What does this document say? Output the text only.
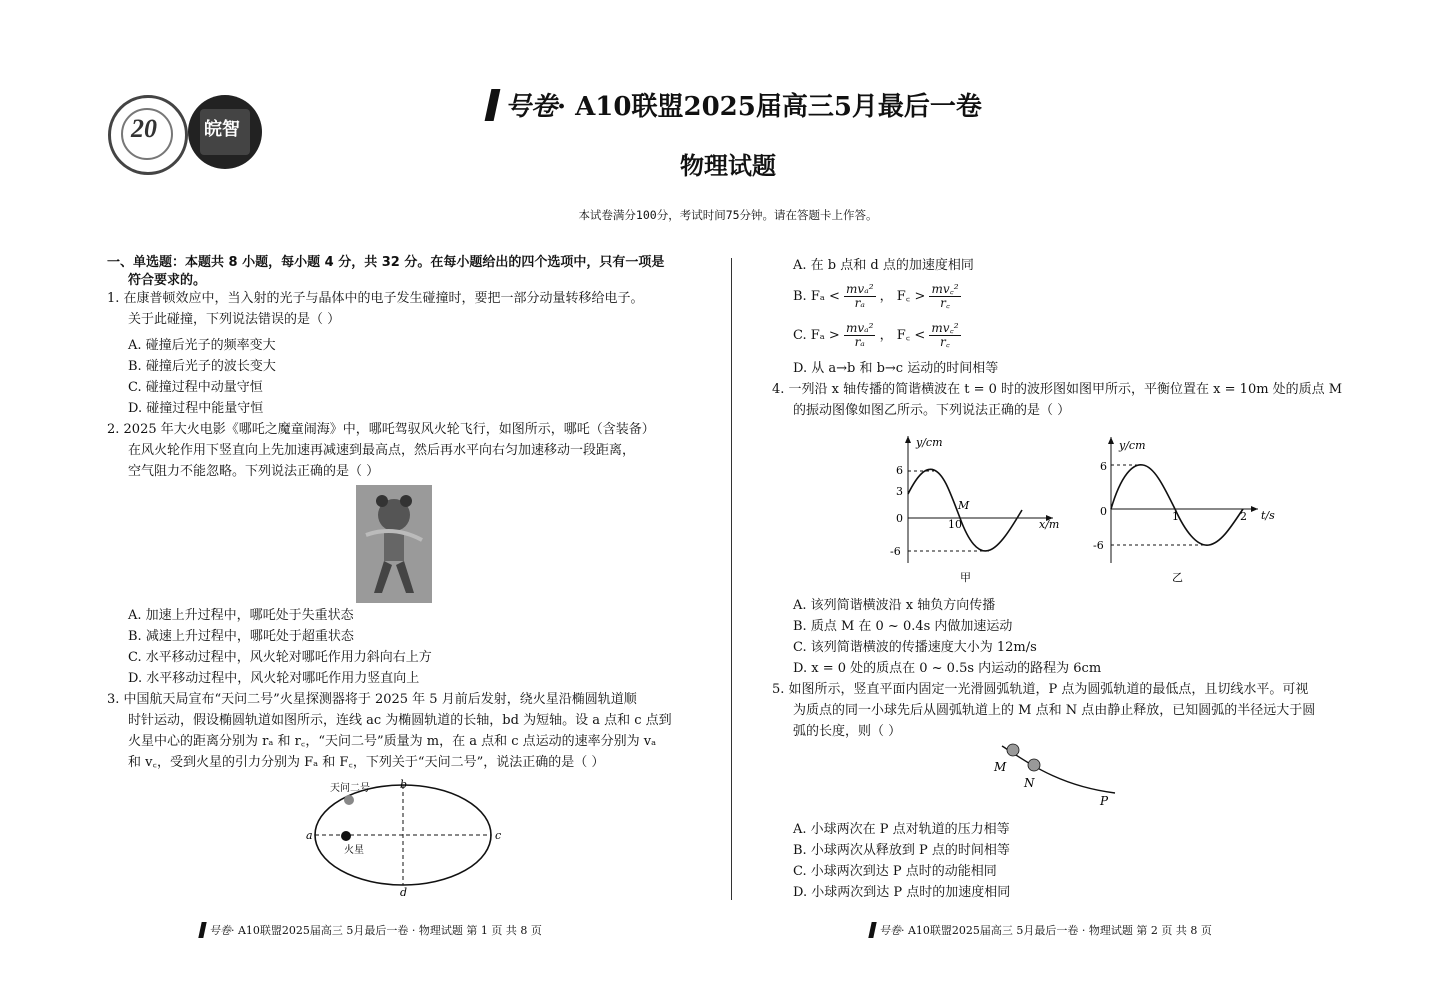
20	皖智
号卷· A10联盟2025届高三5月最后一卷
物理试题
本试卷满分100分，考试时间75分钟。请在答题卡上作答。
一、单选题：本题共 8 小题，每小题 4 分，共 32 分。在每小题给出的四个选项中，只有一项是
符合要求的。
1. 在康普顿效应中，当入射的光子与晶体中的电子发生碰撞时，要把一部分动量转移给电子。
关于此碰撞，下列说法错误的是（ ）
A. 碰撞后光子的频率变大
B. 碰撞后光子的波长变大
C. 碰撞过程中动量守恒
D. 碰撞过程中能量守恒
2. 2025 年大火电影《哪吒之魔童闹海》中，哪吒驾驭风火轮飞行，如图所示，哪吒（含装备）
在风火轮作用下竖直向上先加速再减速到最高点，然后再水平向右匀加速移动一段距离，
空气阻力不能忽略。下列说法正确的是（ ）
A. 加速上升过程中，哪吒处于失重状态
B. 减速上升过程中，哪吒处于超重状态
C. 水平移动过程中，风火轮对哪吒作用力斜向右上方
D. 水平移动过程中，风火轮对哪吒作用力竖直向上
3. 中国航天局宣布“天问二号”火星探测器将于 2025 年 5 月前后发射，绕火星沿椭圆轨道顺
时针运动，假设椭圆轨道如图所示，连线 ac 为椭圆轨道的长轴，bd 为短轴。设 a 点和 c 点到
火星中心的距离分别为 rₐ 和 r꜀，“天问二号”质量为 m，在 a 点和 c 点运动的速率分别为 vₐ
和 v꜀，受到火星的引力分别为 Fₐ 和 F꜀，下列关于“天问二号”，说法正确的是（ ）
天问二号
火星
a
b
c
d
A. 在 b 点和 d 点的加速度相同
B. $F_a < \frac{\text{mvₐ²}}{\text{rₐ}}$ ， F꜀ > $\frac{\text{mv꜀²}}{r꜀}$
C. $F_a > \frac{\text{mvₐ²}}{\text{rₐ}}$ ， F꜀ < $\frac{\text{mv꜀²}}{r꜀}$
D. 从 a→b 和 b→c 运动的时间相等
4. 一列沿 x 轴传播的简谐横波在 t = 0 时的波形图如图甲所示，平衡位置在 x = 10m 处的质点 M
的振动图像如图乙所示。下列说法正确的是（ ）
y/cm
x/m
6
3
0
-6
10
M
甲
y/cm
t/s
6
0
-6
1	2
乙
A. 该列简谐横波沿 x 轴负方向传播
B. 质点 M 在 0 ~ 0.4s 内做加速运动
C. 该列简谐横波的传播速度大小为 12m/s
D. x = 0 处的质点在 0 ~ 0.5s 内运动的路程为 6cm
5. 如图所示，竖直平面内固定一光滑圆弧轨道，P 点为圆弧轨道的最低点，且切线水平。可视
为质点的同一小球先后从圆弧轨道上的 M 点和 N 点由静止释放，已知圆弧的半径远大于圆
弧的长度，则（ ）
M
N
P
A. 小球两次在 P 点对轨道的压力相等
B. 小球两次从释放到 P 点的时间相等
C. 小球两次到达 P 点时的动能相同
D. 小球两次到达 P 点时的加速度相同
号卷· A10联盟2025届高三 5月最后一卷 · 物理试题 第 1 页 共 8 页	号卷· A10联盟2025届高三 5月最后一卷 · 物理试题 第 2 页 共 8 页
